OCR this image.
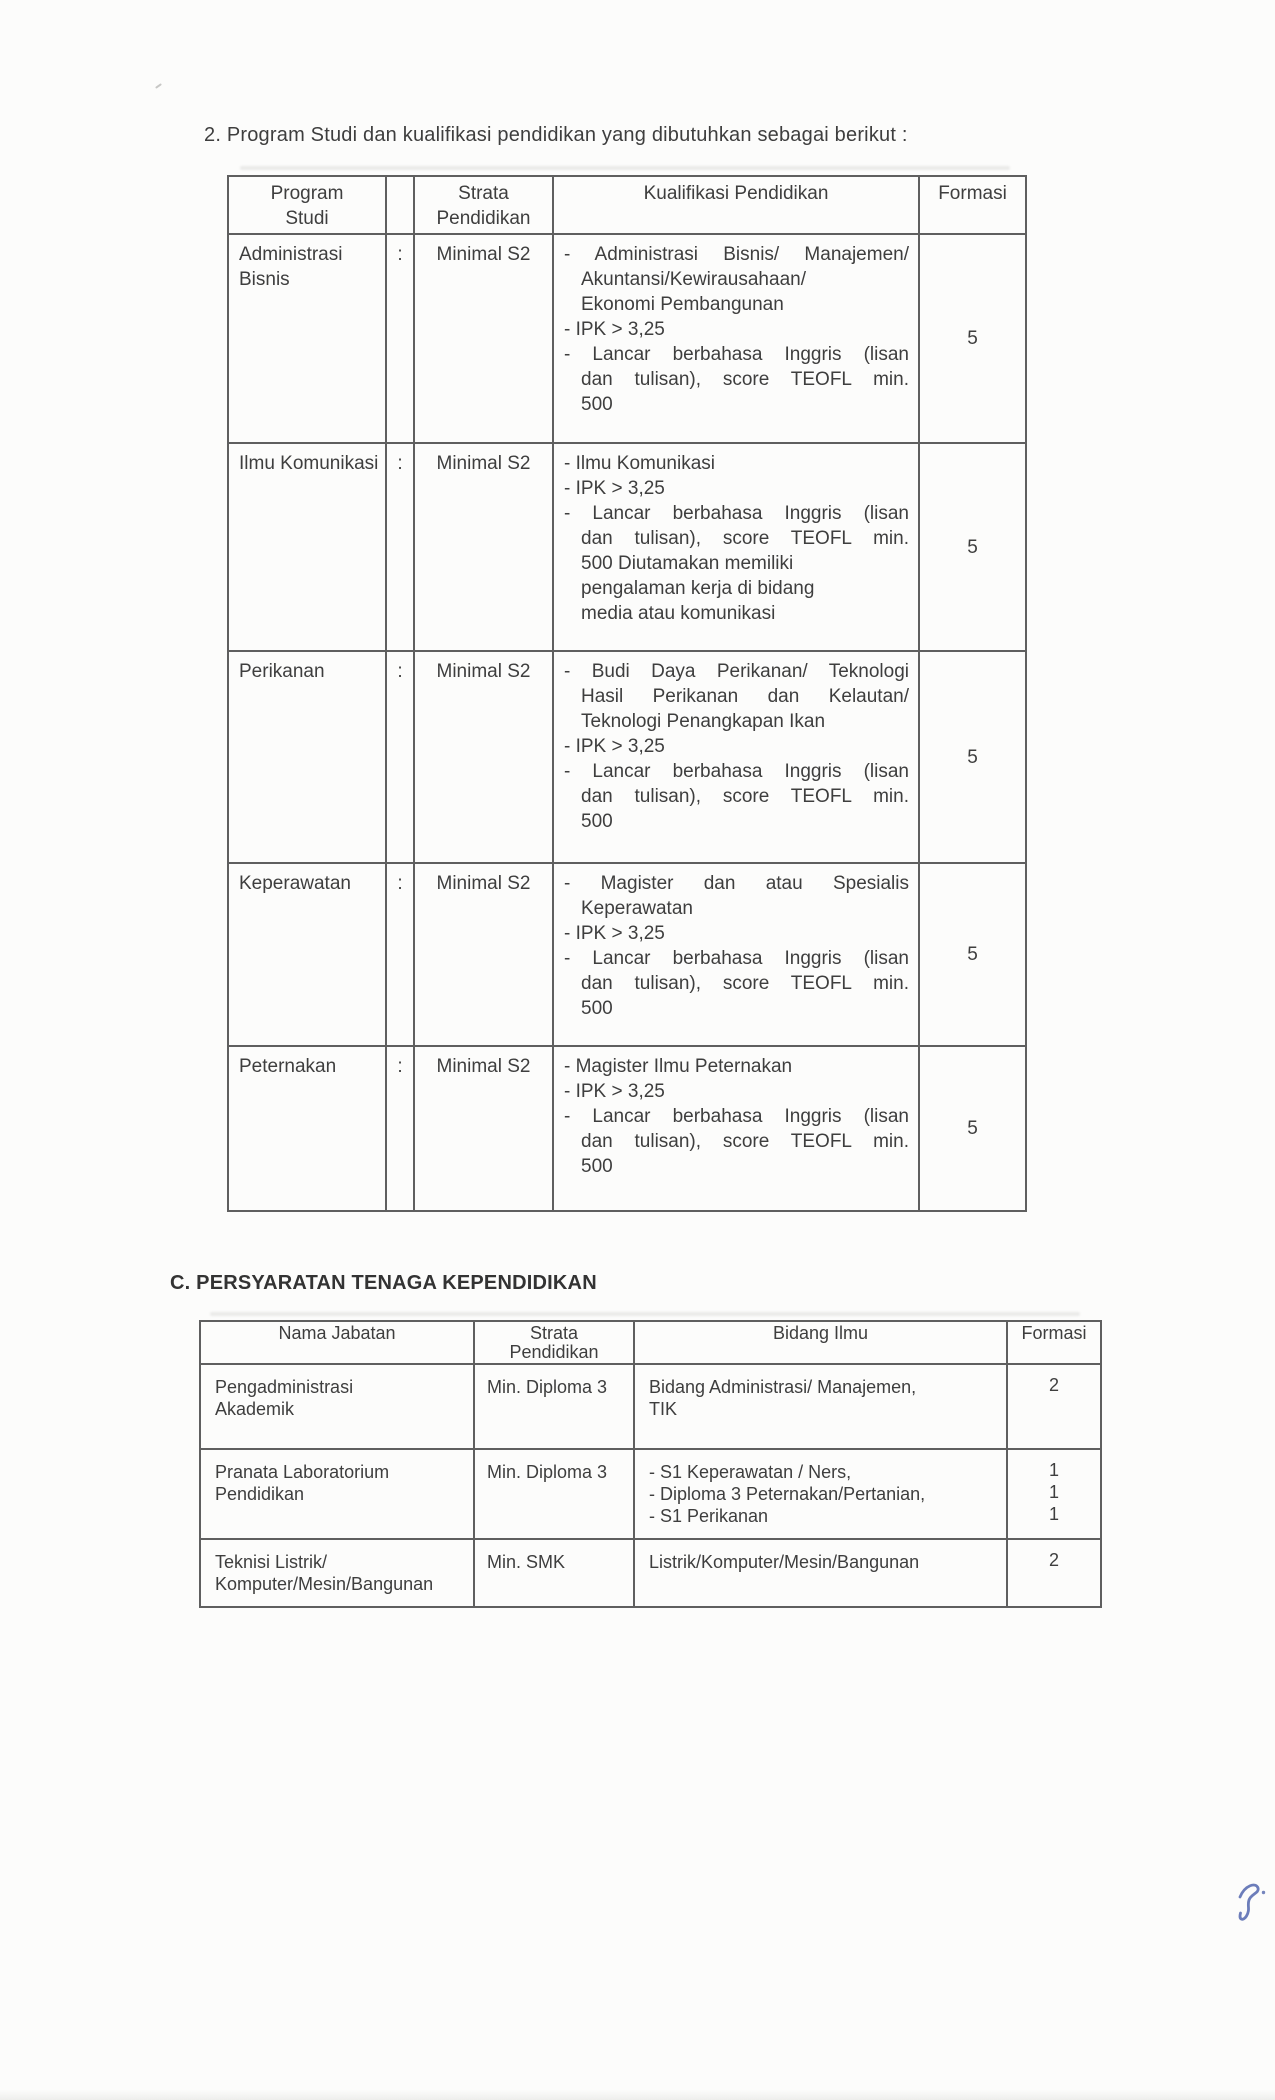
2. Program Studi dan kualifikasi pendidikan yang dibutuhkan sebagai berikut :
Program Studi		Strata Pendidikan	Kualifikasi Pendidikan	Formasi
Administrasi Bisnis	:	Minimal S2	- Administrasi Bisnis/ Manajemen/
Akuntansi/Kewirausahaan/
Ekonomi Pembangunan
- IPK > 3,25
- Lancar berbahasa Inggris (lisan
dan tulisan), score TEOFL min.
500
	5
Ilmu Komunikasi	:	Minimal S2	- Ilmu Komunikasi
- IPK > 3,25
- Lancar berbahasa Inggris (lisan
dan tulisan), score TEOFL min.
500 Diutamakan memiliki
pengalaman kerja di bidang
media atau komunikasi
	5
Perikanan	:	Minimal S2	- Budi Daya Perikanan/ Teknologi
Hasil Perikanan dan Kelautan/
Teknologi Penangkapan Ikan
- IPK > 3,25
- Lancar berbahasa Inggris (lisan
dan tulisan), score TEOFL min.
500
	5
Keperawatan	:	Minimal S2	- Magister dan atau Spesialis
Keperawatan
- IPK > 3,25
- Lancar berbahasa Inggris (lisan
dan tulisan), score TEOFL min.
500
	5
Peternakan	:	Minimal S2	- Magister Ilmu Peternakan
- IPK > 3,25
- Lancar berbahasa Inggris (lisan
dan tulisan), score TEOFL min.
500	5
C. PERSYARATAN TENAGA KEPENDIDIKAN
Nama Jabatan	Strata Pendidikan	Bidang Ilmu	Formasi
Pengadministrasi Akademik	Min. Diploma 3	Bidang Administrasi/ Manajemen,
TIK	2

Pranata Laboratorium Pendidikan	Min. Diploma 3	- S1 Keperawatan / Ners,
- Diploma 3 Peternakan/Pertanian,
- S1 Perikanan

1
1
1

Teknisi Listrik/ Komputer/Mesin/Bangunan	Min. SMK	Listrik/Komputer/Mesin/Bangunan	2
